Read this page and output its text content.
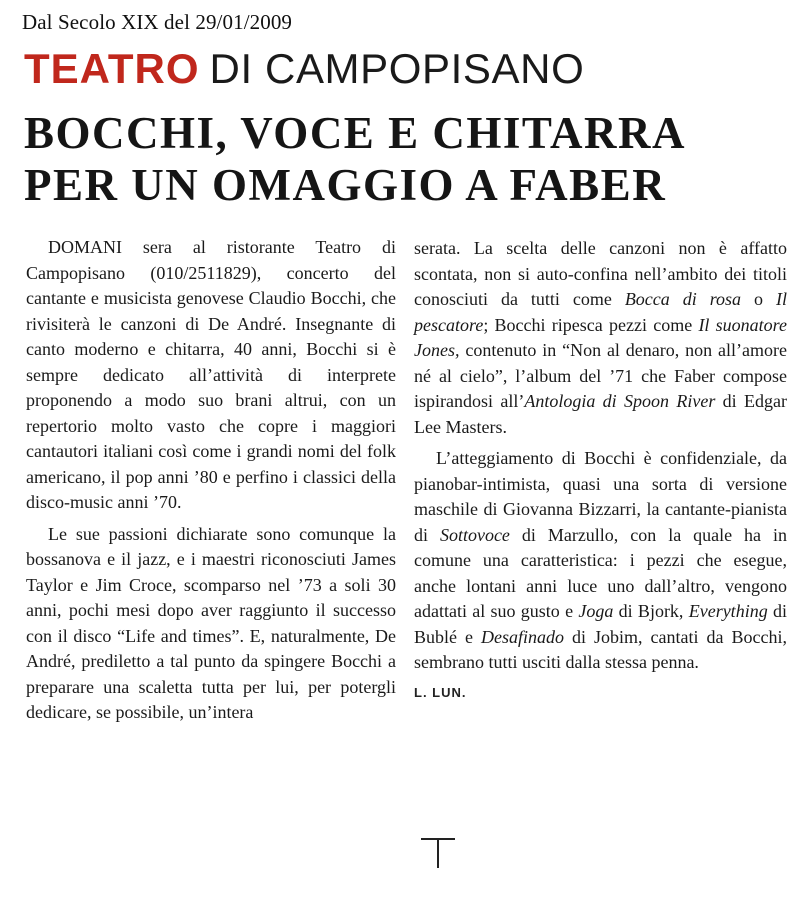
Dal Secolo XIX del 29/01/2009
TEATRO DI CAMPOPISANO
BOCCHI, VOCE E CHITARRA
PER UN OMAGGIO A FABER

DOMANI sera al ristorante Teatro di Campopisano (010/2511829), concerto del cantante e musicista genovese Claudio Bocchi, che rivisiterà le canzoni di De André. Insegnante di canto moderno e chitarra, 40 anni, Bocchi si è sempre dedicato all’attività di interprete proponendo a modo suo brani altrui, con un repertorio molto vasto che copre i maggiori cantautori italiani così come i grandi nomi del folk americano, il pop anni ’80 e perfino i classici della disco-music anni ’70.

Le sue passioni dichiarate sono comunque la bossanova e il jazz, e i maestri riconosciuti James Taylor e Jim Croce, scomparso nel ’73 a soli 30 anni, pochi mesi dopo aver raggiunto il successo con il disco “Life and times”. E, naturalmente, De André, prediletto a tal punto da spingere Bocchi a preparare una scaletta tutta per lui, per potergli dedicare, se possibile, un’intera

serata. La scelta delle canzoni non è affatto scontata, non si auto-confina nell’ambito dei titoli conosciuti da tutti come Bocca di rosa o Il pescatore; Bocchi ripesca pezzi come Il suonatore Jones, contenuto in “Non al denaro, non all’amore né al cielo”, l’album del ’71 che Faber compose ispirandosi all’Antologia di Spoon River di Edgar Lee Masters.

L’atteggiamento di Bocchi è confidenziale, da pianobar-intimista, quasi una sorta di versione maschile di Giovanna Bizzarri, la cantante-pianista di Sottovoce di Marzullo, con la quale ha in comune una caratteristica: i pezzi che esegue, anche lontani anni luce uno dall’altro, vengono adattati al suo gusto e Joga di Bjork, Everything di Bublé e Desafinado di Jobim, cantati da Bocchi, sembrano tutti usciti dalla stessa penna.

L. LUN.
